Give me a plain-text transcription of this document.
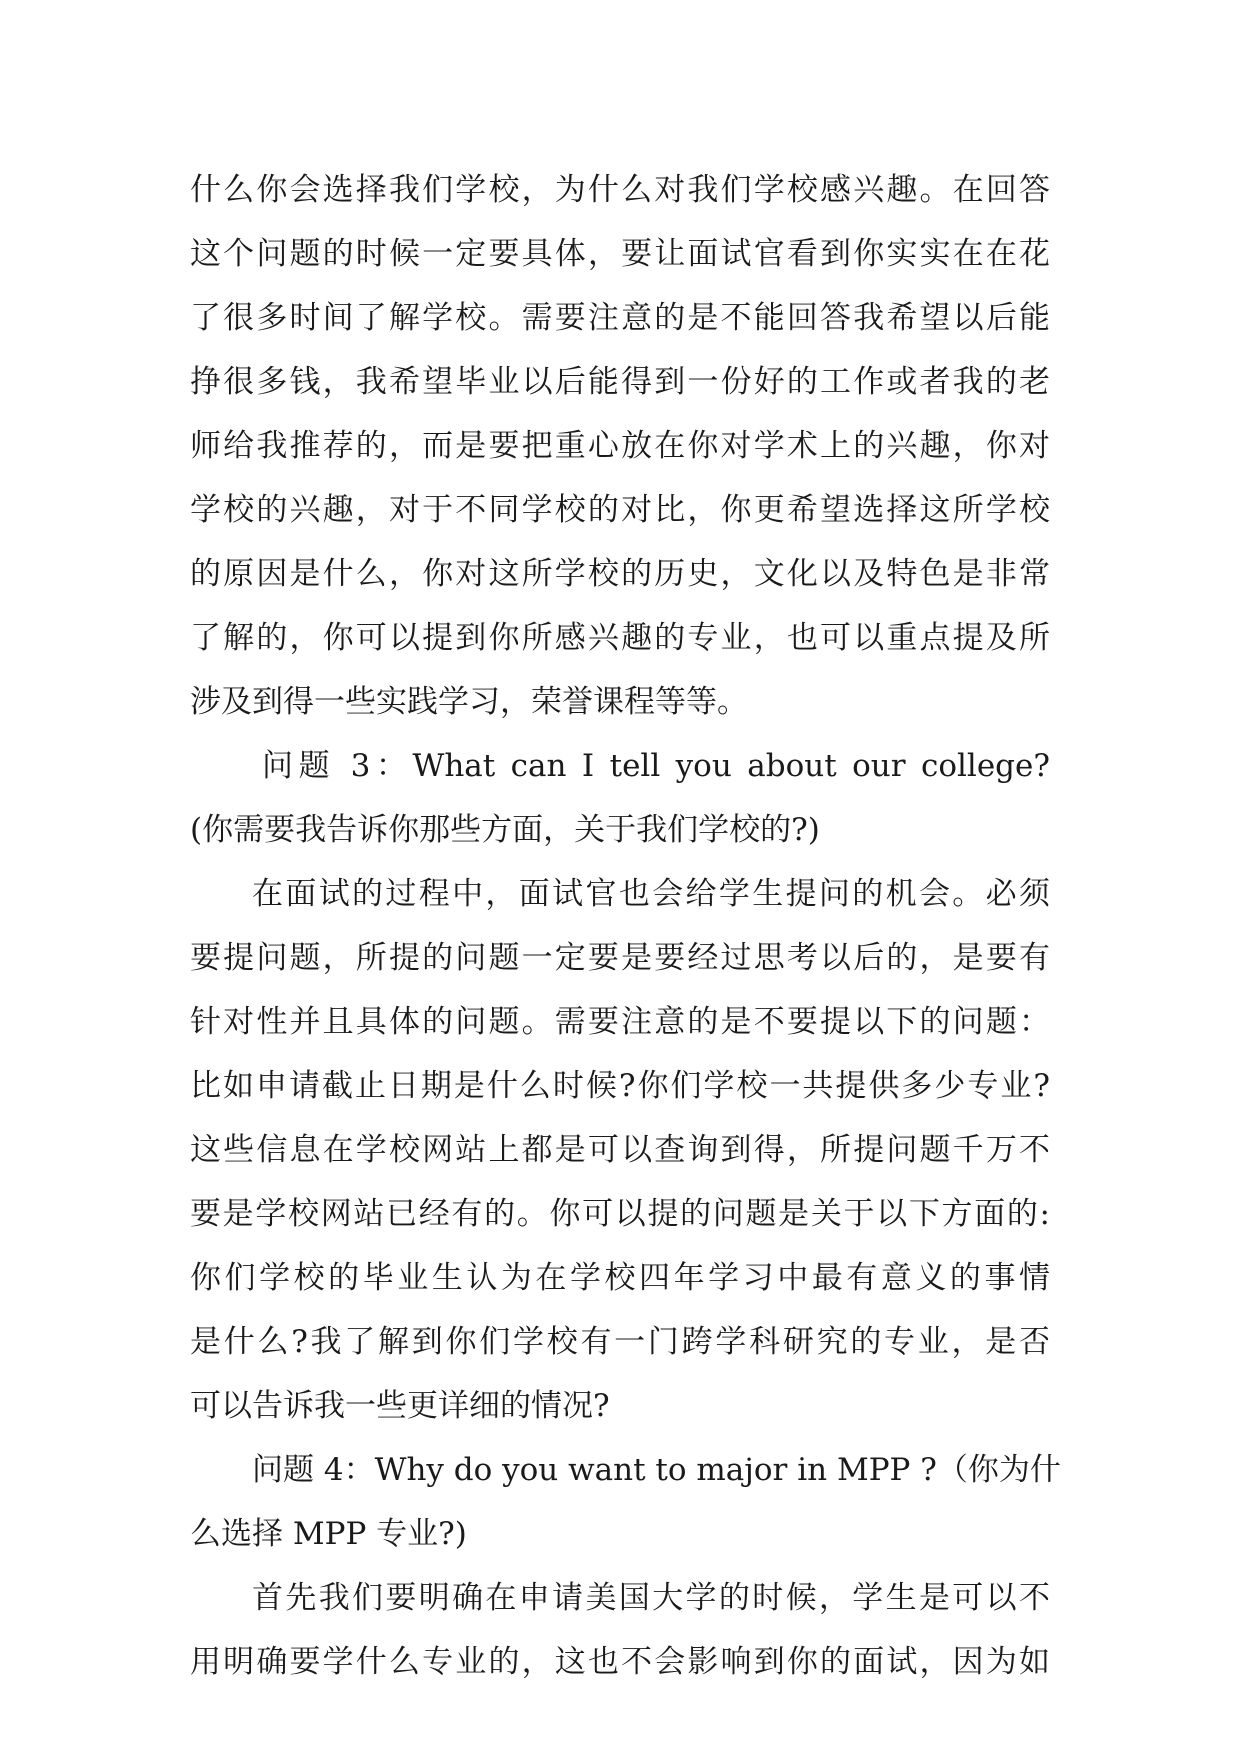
什么你会选择我们学校，为什么对我们学校感兴趣。在回答
这个问题的时候一定要具体，要让面试官看到你实实在在花
了很多时间了解学校。需要注意的是不能回答我希望以后能
挣很多钱，我希望毕业以后能得到一份好的工作或者我的老
师给我推荐的，而是要把重心放在你对学术上的兴趣，你对
学校的兴趣，对于不同学校的对比，你更希望选择这所学校
的原因是什么，你对这所学校的历史，文化以及特色是非常
了解的，你可以提到你所感兴趣的专业，也可以重点提及所
涉及到得一些实践学习，荣誉课程等等。
问题 3：What can I tell you about our college?
(你需要我告诉你那些方面，关于我们学校的?)
在面试的过程中，面试官也会给学生提问的机会。必须
要提问题，所提的问题一定要是要经过思考以后的，是要有
针对性并且具体的问题。需要注意的是不要提以下的问题：
比如申请截止日期是什么时候?你们学校一共提供多少专业?
这些信息在学校网站上都是可以查询到得，所提问题千万不
要是学校网站已经有的。你可以提的问题是关于以下方面的:
你们学校的毕业生认为在学校四年学习中最有意义的事情
是什么?我了解到你们学校有一门跨学科研究的专业，是否
可以告诉我一些更详细的情况?
问题 4：Why do you want to major in MPP ?（你为什
么选择 MPP 专业?)
首先我们要明确在申请美国大学的时候，学生是可以不
用明确要学什么专业的，这也不会影响到你的面试，因为如
